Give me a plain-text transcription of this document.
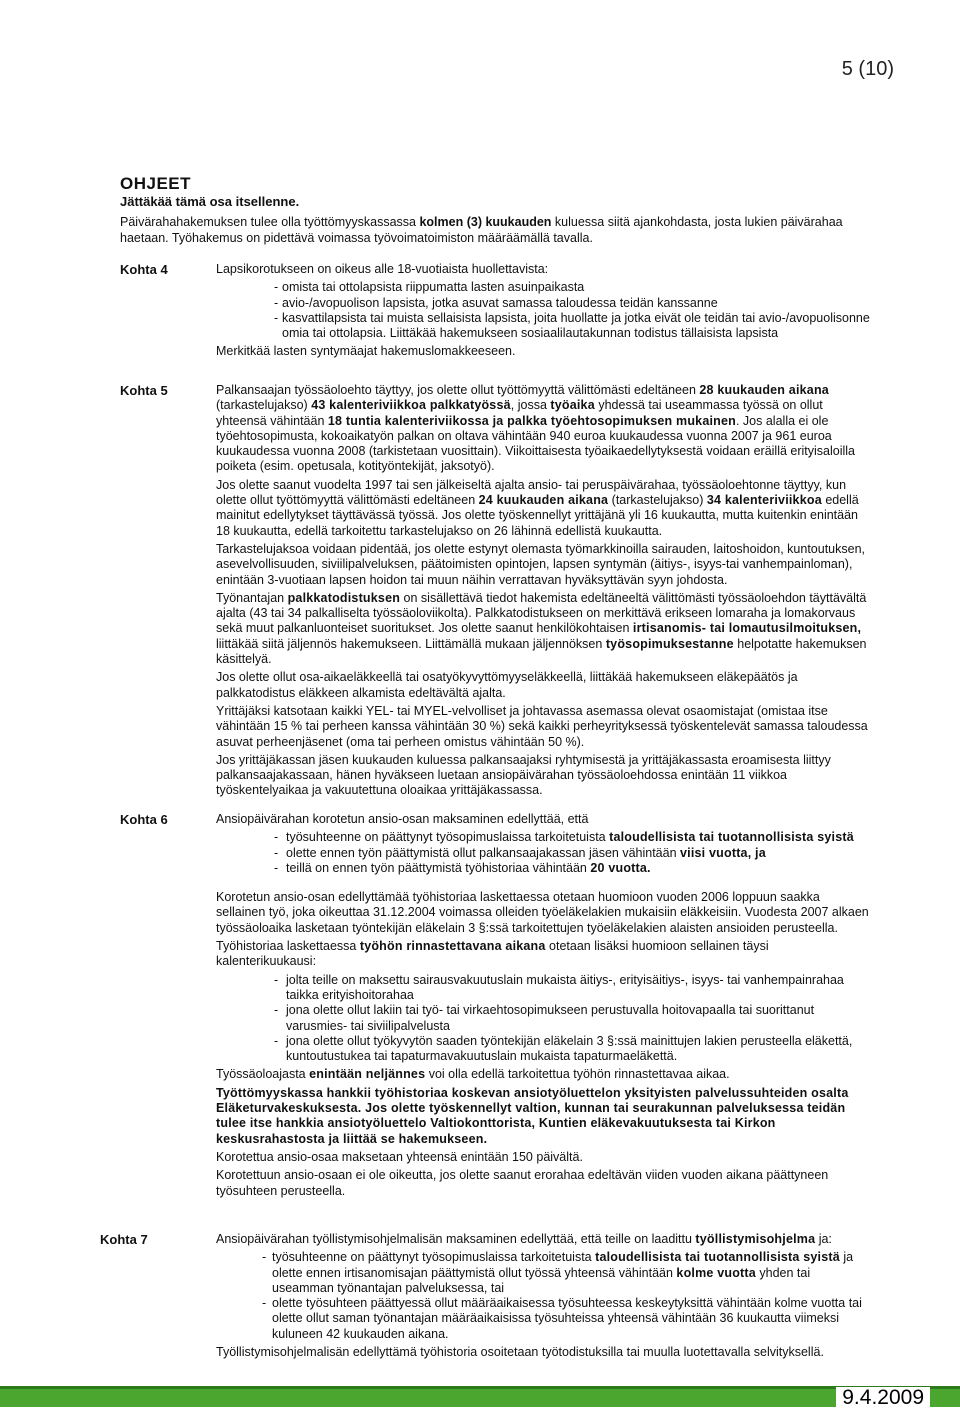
5 (10)
OHJEET
Jättäkää tämä osa itsellenne.
Päivärahahakemuksen tulee olla työttömyyskassassa kolmen (3) kuukauden kuluessa siitä ajankohdasta, josta lukien päivärahaa haetaan. Työhakemus on pidettävä voimassa työvoimatoimiston määräämällä tavalla.
Kohta 4	Lapsikorotukseen on oikeus alle 18-vuotiaista huollettavista:

- omista tai ottolapsista riippumatta lasten asuinpaikasta
- avio-/avopuolison lapsista, jotka asuvat samassa taloudessa teidän kanssanne
- kasvattilapsista tai muista sellaisista lapsista, joita huollatte ja jotka eivät ole teidän tai avio-/avopuolisonne omia tai ottolapsia. Liittäkää hakemukseen sosiaalilautakunnan todistus tällaisista lapsista

Merkitkää lasten syntymäajat hakemuslomakkeeseen.

Kohta 5	Palkansaajan työssäoloehto täyttyy, jos olette ollut työttömyyttä välittömästi edeltäneen 28 kuukauden aikana (tarkastelujakso) 43 kalenteriviikkoa palkkatyössä, jossa työaika yhdessä tai useammassa työssä on ollut yhteensä vähintään 18 tuntia kalenteriviikossa ja palkka työehtosopimuksen mukainen. Jos alalla ei ole työehtosopimusta, kokoaikatyön palkan on oltava vähintään 940 euroa kuukaudessa vuonna 2007 ja 961 euroa kuukaudessa vuonna 2008 (tarkistetaan vuosittain). Viikoittaisesta työaikaedellytyksestä voidaan eräillä erityisaloilla poiketa (esim. opetusala, kotityöntekijät, jaksotyö).

Jos olette saanut vuodelta 1997 tai sen jälkeiseltä ajalta ansio- tai peruspäivärahaa, työssäoloehtonne täyttyy, kun olette ollut työttömyyttä välittömästi edeltäneen 24 kuukauden aikana (tarkastelujakso) 34 kalenteriviikkoa edellä mainitut edellytykset täyttävässä työssä. Jos olette työskennellyt yrittäjänä yli 16 kuukautta, mutta kuitenkin enintään 18 kuukautta, edellä tarkoitettu tarkastelujakso on 26 lähinnä edellistä kuukautta.

Tarkastelujaksoa voidaan pidentää, jos olette estynyt olemasta työmarkkinoilla sairauden, laitoshoidon, kuntoutuksen, asevelvollisuuden, siviilipalveluksen, päätoimisten opintojen, lapsen syntymän (äitiys-, isyys-tai vanhempainloman), enintään 3-vuotiaan lapsen hoidon tai muun näihin verrattavan hyväksyttävän syyn johdosta.

Työnantajan palkkatodistuksen on sisällettävä tiedot hakemista edeltäneeltä välittömästi työssäoloehdon täyttävältä ajalta (43 tai 34 palkalliselta työssäoloviikolta). Palkkatodistukseen on merkittävä erikseen lomaraha ja lomakorvaus sekä muut palkanluonteiset suoritukset. Jos olette saanut henkilökohtaisen irtisanomis- tai lomautusilmoituksen, liittäkää siitä jäljennös hakemukseen. Liittämällä mukaan jäljennöksen työsopimuksestanne helpotatte hakemuksen käsittelyä.

Jos olette ollut osa-aikaeläkkeellä tai osatyökyvyttömyyseläkkeellä, liittäkää hakemukseen eläkepäätös ja palkkatodistus eläkkeen alkamista edeltävältä ajalta.

Yrittäjäksi katsotaan kaikki YEL- tai MYEL-velvolliset ja johtavassa asemassa olevat osaomistajat (omistaa itse vähintään 15 % tai perheen kanssa vähintään 30 %) sekä kaikki perheyrityksessä työskentelevät samassa taloudessa asuvat perheenjäsenet (oma tai perheen omistus vähintään 50 %).

Jos yrittäjäkassan jäsen kuukauden kuluessa palkansaajaksi ryhtymisestä ja yrittäjäkassasta eroamisesta liittyy palkansaajakassaan, hänen hyväkseen luetaan ansiopäivärahan työssäoloehdossa enintään 11 viikkoa työskentelyaikaa ja vakuutettuna oloaikaa yrittäjäkassassa.

Kohta 6	Ansiopäivärahan korotetun ansio-osan maksaminen edellyttää, että

- työsuhteenne on päättynyt työsopimuslaissa tarkoitetuista taloudellisista tai tuotannollisista syistä
- olette ennen työn päättymistä ollut palkansaajakassan jäsen vähintään viisi vuotta, ja
- teillä on ennen työn päättymistä työhistoriaa vähintään 20 vuotta.

Korotetun ansio-osan edellyttämää työhistoriaa laskettaessa otetaan huomioon vuoden 2006 loppuun saakka sellainen työ, joka oikeuttaa 31.12.2004 voimassa olleiden työeläkelakien mukaisiin eläkkeisiin. Vuodesta 2007 alkaen työssäoloaika lasketaan työntekijän eläkelain 3 §:ssä tarkoitettujen työeläkelakien alaisten ansioiden perusteella.

Työhistoriaa laskettaessa työhön rinnastettavana aikana otetaan lisäksi huomioon sellainen täysi kalenterikuukausi:

- jolta teille on maksettu sairausvakuutuslain mukaista äitiys-, erityisäitiys-, isyys- tai vanhempainrahaa taikka erityishoitorahaa
- jona olette ollut lakiin tai työ- tai virkaehtosopimukseen perustuvalla hoitovapaalla tai suorittanut varusmies- tai siviilipalvelusta
- jona olette ollut työkyvytön saaden työntekijän eläkelain 3 §:ssä mainittujen lakien perusteella eläkettä, kuntoutustukea tai tapaturmavakuutuslain mukaista tapaturmaeläkettä.

Työssäoloajasta enintään neljännes voi olla edellä tarkoitettua työhön rinnastettavaa aikaa.

Työttömyyskassa hankkii työhistoriaa koskevan ansiotyöluettelon yksityisten palvelussuhteiden osalta Eläketurvakeskuksesta. Jos olette työskennellyt valtion, kunnan tai seurakunnan palveluksessa teidän tulee itse hankkia ansiotyöluettelo Valtiokonttorista, Kuntien eläkevakuutuksesta tai Kirkon keskusrahastosta ja liittää se hakemukseen.

Korotettua ansio-osaa maksetaan yhteensä enintään 150 päivältä.

Korotettuun ansio-osaan ei ole oikeutta, jos olette saanut erorahaa edeltävän viiden vuoden aikana päättyneen työsuhteen perusteella.

Kohta 7	Ansiopäivärahan työllistymisohjelmalisän maksaminen edellyttää, että teille on laadittu työllistymisohjelma ja:

- työsuhteenne on päättynyt työsopimuslaissa tarkoitetuista taloudellisista tai tuotannollisista syistä ja olette ennen irtisanomisajan päättymistä ollut työssä yhteensä vähintään kolme vuotta yhden tai useamman työnantajan palveluksessa, tai
- olette työsuhteen päättyessä ollut määräaikaisessa työsuhteessa keskeytyksittä vähintään kolme vuotta tai olette ollut saman työnantajan määräaikaisissa työsuhteissa yhteensä vähintään 36 kuukautta viimeksi kuluneen 42 kuukauden aikana.

Työllistymisohjelmalisän edellyttämä työhistoria osoitetaan työtodistuksilla tai muulla luotettavalla selvityksellä.

9.4.2009
